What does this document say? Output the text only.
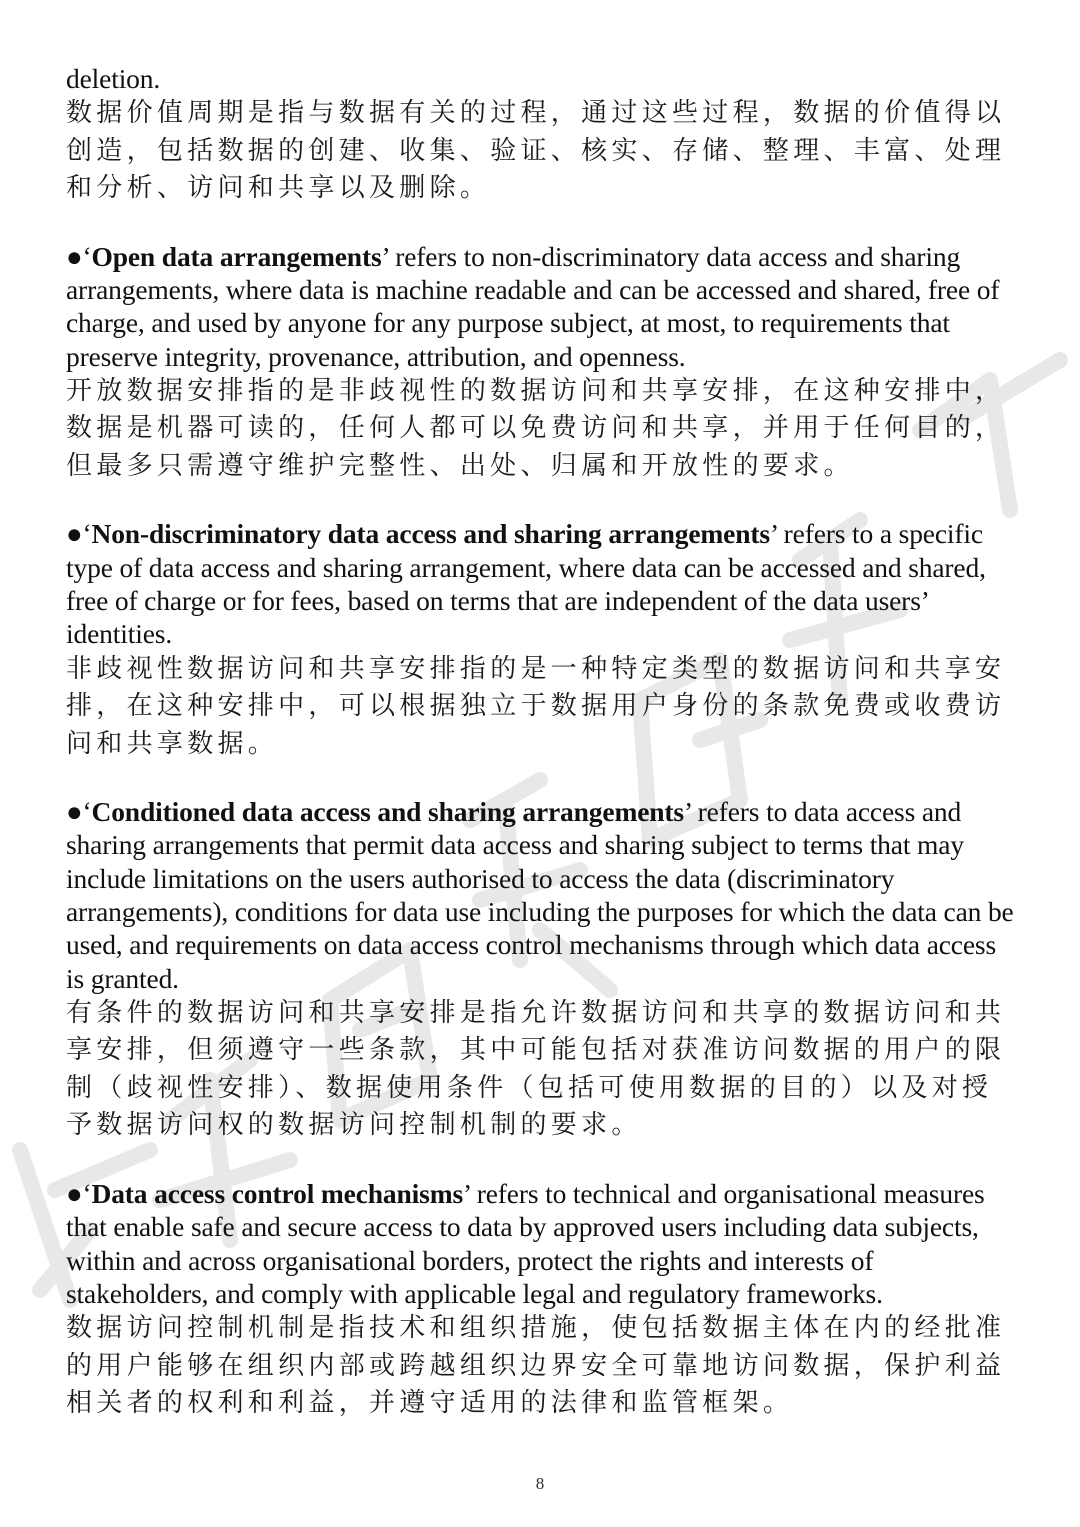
deletion.

数据价值周期是指与数据有关的过程，通过这些过程，数据的价值得以创造，包括数据的创建、收集、验证、核实、存储、整理、丰富、处理和分析、访问和共享以及删除。

●‘Open data arrangements’ refers to non-discriminatory data access and sharing arrangements, where data is machine readable and can be accessed and shared, free of charge, and used by anyone for any purpose subject, at most, to requirements that preserve integrity, provenance, attribution, and openness.

开放数据安排指的是非歧视性的数据访问和共享安排，在这种安排中，数据是机器可读的，任何人都可以免费访问和共享，并用于任何目的，但最多只需遵守维护完整性、出处、归属和开放性的要求。

●‘Non-discriminatory data access and sharing arrangements’ refers to a specific type of data access and sharing arrangement, where data can be accessed and shared, free of charge or for fees, based on terms that are independent of the data users’ identities.

非歧视性数据访问和共享安排指的是一种特定类型的数据访问和共享安排，在这种安排中，可以根据独立于数据用户身份的条款免费或收费访问和共享数据。

●‘Conditioned data access and sharing arrangements’ refers to data access and sharing arrangements that permit data access and sharing subject to terms that may include limitations on the users authorised to access the data (discriminatory arrangements), conditions for data use including the purposes for which the data can be used, and requirements on data access control mechanisms through which data access is granted.

有条件的数据访问和共享安排是指允许数据访问和共享的数据访问和共享安排，但须遵守一些条款，其中可能包括对获准访问数据的用户的限制（歧视性安排）、数据使用条件（包括可使用数据的目的）以及对授予数据访问权的数据访问控制机制的要求。

●‘Data access control mechanisms’ refers to technical and organisational measures that enable safe and secure access to data by approved users including data subjects, within and across organisational borders, protect the rights and interests of stakeholders, and comply with applicable legal and regulatory frameworks.

数据访问控制机制是指技术和组织措施，使包括数据主体在内的经批准的用户能够在组织内部或跨越组织边界安全可靠地访问数据，保护利益相关者的权利和利益，并遵守适用的法律和监管框架。

8
